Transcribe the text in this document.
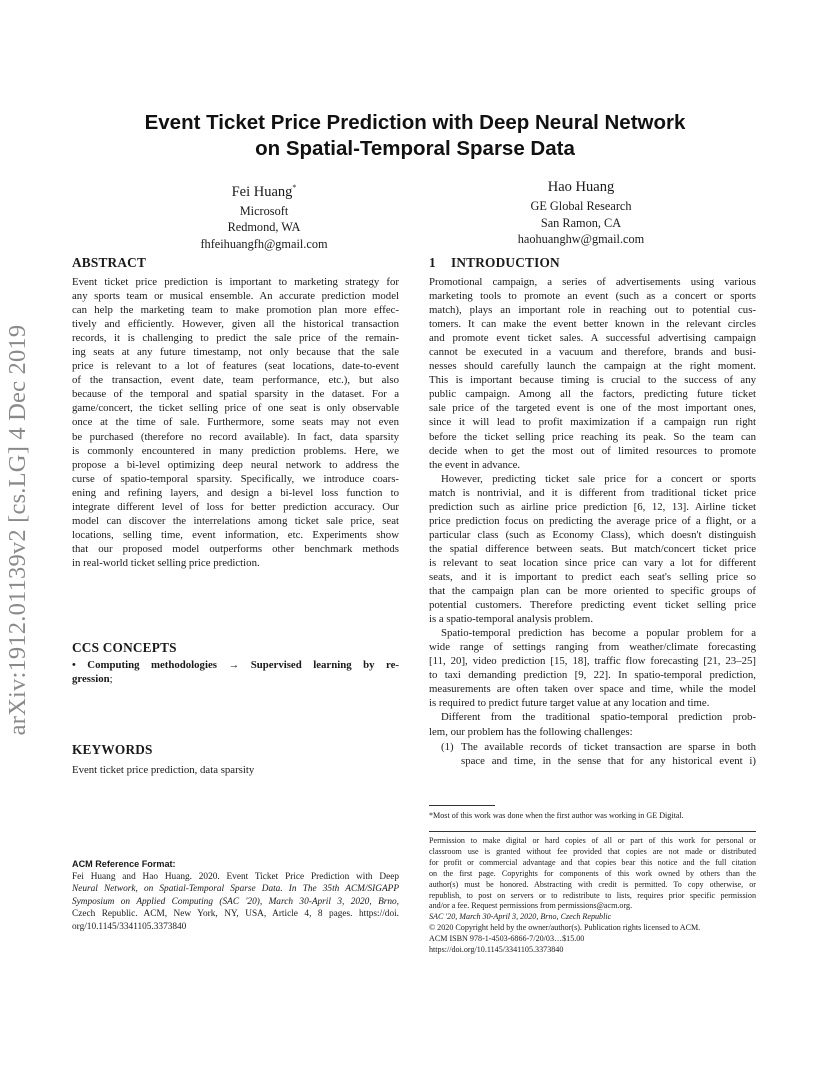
arXiv:1912.01139v2 [cs.LG] 4 Dec 2019
Event Ticket Price Prediction with Deep Neural Network
on Spatial-Temporal Sparse Data
Fei Huang*
Microsoft
Redmond, WA
fhfeihuangfh@gmail.com
Hao Huang
GE Global Research
San Ramon, CA
haohuanghw@gmail.com
ABSTRACT

Event ticket price prediction is important to marketing strategy for
any sports team or musical ensemble. An accurate prediction model
can help the marketing team to make promotion plan more effec-
tively and efficiently. However, given all the historical transaction
records, it is challenging to predict the sale price of the remain-
ing seats at any future timestamp, not only because that the sale
price is relevant to a lot of features (seat locations, date-to-event
of the transaction, event date, team performance, etc.), but also
because of the temporal and spatial sparsity in the dataset. For a
game/concert, the ticket selling price of one seat is only observable
once at the time of sale. Furthermore, some seats may not even
be purchased (therefore no record available). In fact, data sparsity
is commonly encountered in many prediction problems. Here, we
propose a bi-level optimizing deep neural network to address the
curse of spatio-temporal sparsity. Specifically, we introduce coars-
ening and refining layers, and design a bi-level loss function to
integrate different level of loss for better prediction accuracy. Our
model can discover the interrelations among ticket sale price, seat
locations, selling time, event information, etc. Experiments show
that our proposed model outperforms other benchmark methods
in real-world ticket selling price prediction.

CCS CONCEPTS

• Computing methodologies → Supervised learning by re-
gression;

KEYWORDS

Event ticket price prediction, data sparsity

ACM Reference Format:
Fei Huang and Hao Huang. 2020. Event Ticket Price Prediction with Deep
Neural Network, on Spatial-Temporal Sparse Data. In The 35th ACM/SIGAPP
Symposium on Applied Computing (SAC '20), March 30-April 3, 2020, Brno,
Czech Republic. ACM, New York, NY, USA, Article 4, 8 pages. https://doi.
org/10.1145/3341105.3373840
1 INTRODUCTION

Promotional campaign, a series of advertisements using various
marketing tools to promote an event (such as a concert or sports
match), plays an important role in reaching out to potential cus-
tomers. It can make the event better known in the relevant circles
and promote event ticket sales. A successful advertising campaign
cannot be executed in a vacuum and therefore, brands and busi-
nesses should carefully launch the campaign at the right moment.
This is important because timing is crucial to the success of any
public campaign. Among all the factors, predicting future ticket
sale price of the targeted event is one of the most important ones,
since it will lead to profit maximization if a campaign run right
before the ticket selling price reaching its peak. So the team can
decide when to get the most out of limited resources to promote
the event in advance.

However, predicting ticket sale price for a concert or sports
match is nontrivial, and it is different from traditional ticket price
prediction such as airline price prediction [6, 12, 13]. Airline ticket
price prediction focus on predicting the average price of a flight, or a
particular class (such as Economy Class), which doesn't distinguish
the spatial difference between seats. But match/concert ticket price
is relevant to seat location since price can vary a lot for different
seats, and it is important to predict each seat's selling price so
that the campaign plan can be more oriented to specific groups of
potential customers. Therefore predicting event ticket selling price
is a spatio-temporal analysis problem.

Spatio-temporal prediction has become a popular problem for a
wide range of settings ranging from weather/climate forecasting
[11, 20], video prediction [15, 18], traffic flow forecasting [21, 23–25]
to taxi demanding prediction [9, 22]. In spatio-temporal prediction,
measurements are often taken over space and time, while the model
is required to predict future target value at any location and time.

Different from the traditional spatio-temporal prediction prob-
lem, our problem has the following challenges:

(1) The available records of ticket transaction are sparse in both
space and time, in the sense that for any historical event i)

*Most of this work was done when the first author was working in GE Digital.
Permission to make digital or hard copies of all or part of this work for personal or
classroom use is granted without fee provided that copies are not made or distributed
for profit or commercial advantage and that copies bear this notice and the full citation
on the first page. Copyrights for components of this work owned by others than the
author(s) must be honored. Abstracting with credit is permitted. To copy otherwise, or
republish, to post on servers or to redistribute to lists, requires prior specific permission
and/or a fee. Request permissions from permissions@acm.org.
SAC '20, March 30-April 3, 2020, Brno, Czech Republic
© 2020 Copyright held by the owner/author(s). Publication rights licensed to ACM.
ACM ISBN 978-1-4503-6866-7/20/03…$15.00
https://doi.org/10.1145/3341105.3373840
